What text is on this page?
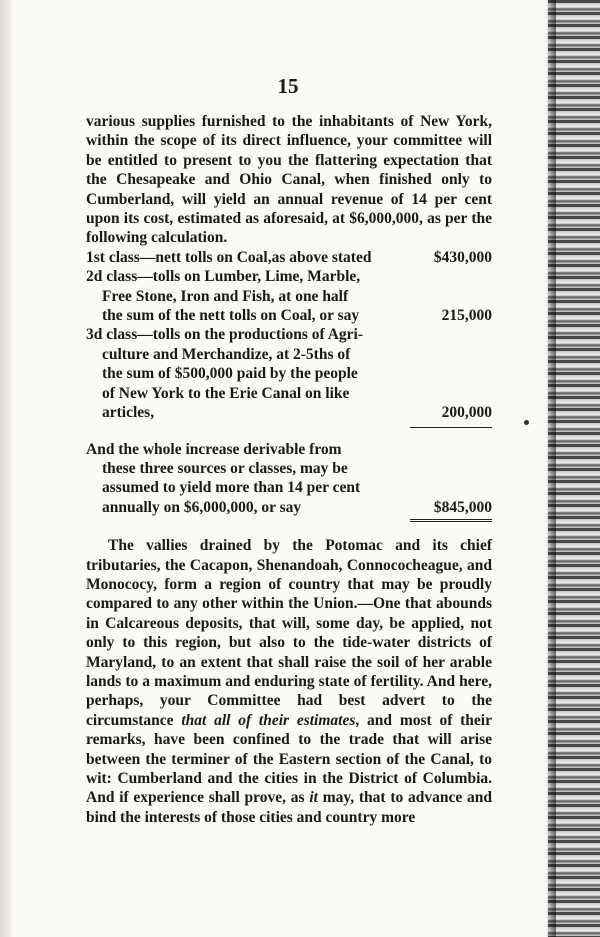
15

various supplies furnished to the inhabitants of New York, within the scope of its direct influence, your committee will be entitled to present to you the flattering expectation that the Chesapeake and Ohio Canal, when finished only to Cumberland, will yield an annual revenue of 14 per cent upon its cost, estimated as aforesaid, at $6,000,000, as per the following calculation.

1st class—nett tolls on Coal,as above stated	$430,000
2d class—tolls on Lumber, Lime, Marble,
Free Stone, Iron and Fish, at one half
the sum of the nett tolls on Coal, or say	215,000
3d class—tolls on the productions of Agri-
culture and Merchandize, at 2-5ths of
the sum of $500,000 paid by the people
of New York to the Erie Canal on like
articles,	200,000
And the whole increase derivable from
these three sources or classes, may be
assumed to yield more than 14 per cent
annually on $6,000,000, or say	$845,000

The vallies drained by the Potomac and its chief tributaries, the Cacapon, Shenandoah, Connococheague, and Monococy, form a region of country that may be proudly compared to any other within the Union.—One that abounds in Calcareous deposits, that will, some day, be applied, not only to this region, but also to the tide-water districts of Maryland, to an extent that shall raise the soil of her arable lands to a maximum and enduring state of fertility. And here, perhaps, your Committee had best advert to the circumstance that all of their estimates, and most of their remarks, have been confined to the trade that will arise between the terminer of the Eastern section of the Canal, to wit: Cumberland and the cities in the District of Columbia. And if experience shall prove, as it may, that to advance and bind the interests of those cities and country more
